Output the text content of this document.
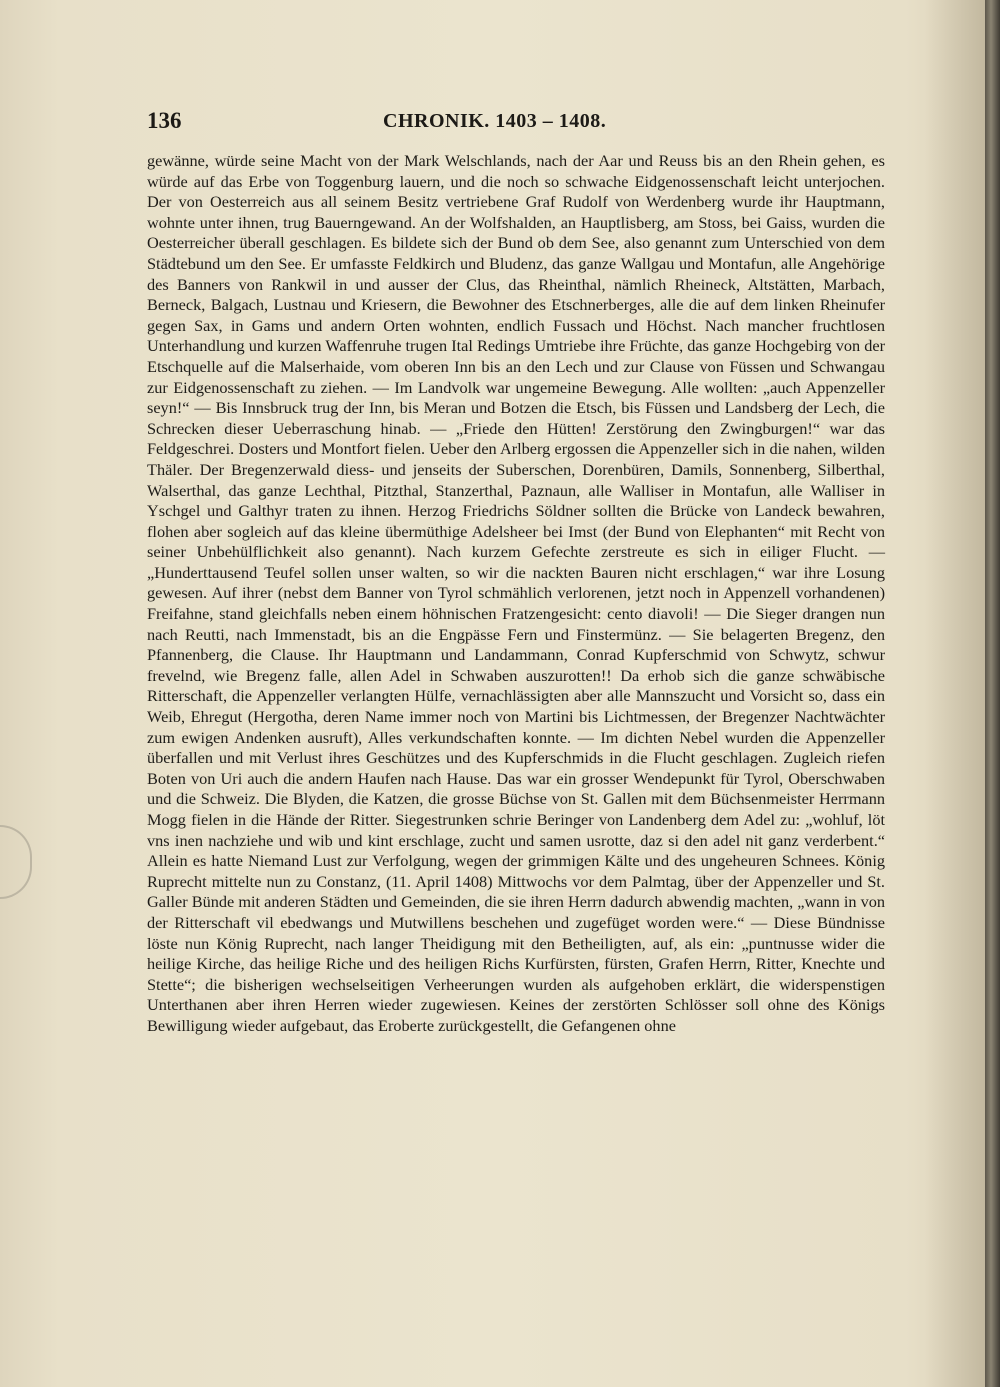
136	CHRONIK. 1403 – 1408.

gewänne, würde seine Macht von der Mark Welschlands, nach der Aar und Reuss bis an den Rhein gehen, es würde auf das Erbe von Toggenburg lauern, und die noch so schwache Eidgenossenschaft leicht unterjochen. Der von Oesterreich aus all seinem Besitz vertriebene Graf Rudolf von Werdenberg wurde ihr Hauptmann, wohnte unter ihnen, trug Bauerngewand. An der Wolfshalden, an Hauptlisberg, am Stoss, bei Gaiss, wurden die Oesterreicher überall geschlagen. Es bildete sich der Bund ob dem See, also genannt zum Unterschied von dem Städtebund um den See. Er umfasste Feldkirch und Bludenz, das ganze Wallgau und Montafun, alle Angehörige des Banners von Rankwil in und ausser der Clus, das Rheinthal, nämlich Rheineck, Altstätten, Marbach, Berneck, Balgach, Lustnau und Kriesern, die Bewohner des Etschnerberges, alle die auf dem linken Rheinufer gegen Sax, in Gams und andern Orten wohnten, endlich Fussach und Höchst. Nach mancher fruchtlosen Unterhandlung und kurzen Waffenruhe trugen Ital Redings Umtriebe ihre Früchte, das ganze Hochgebirg von der Etschquelle auf die Malserhaide, vom oberen Inn bis an den Lech und zur Clause von Füssen und Schwangau zur Eidgenossenschaft zu ziehen. — Im Landvolk war ungemeine Bewegung. Alle wollten: „auch Appenzeller seyn!“ — Bis Innsbruck trug der Inn, bis Meran und Botzen die Etsch, bis Füssen und Landsberg der Lech, die Schrecken dieser Ueberraschung hinab. — „Friede den Hütten! Zerstörung den Zwingburgen!“ war das Feldgeschrei. Dosters und Montfort fielen. Ueber den Arlberg ergossen die Appenzeller sich in die nahen, wilden Thäler. Der Bregenzerwald diess- und jenseits der Suberschen, Dorenbüren, Damils, Sonnenberg, Silberthal, Walserthal, das ganze Lechthal, Pitzthal, Stanzerthal, Paznaun, alle Walliser in Montafun, alle Walliser in Yschgel und Galthyr traten zu ihnen. Herzog Friedrichs Söldner sollten die Brücke von Landeck bewahren, flohen aber sogleich auf das kleine übermüthige Adelsheer bei Imst (der Bund von Elephanten“ mit Recht von seiner Unbehülflichkeit also genannt). Nach kurzem Gefechte zerstreute es sich in eiliger Flucht. — „Hunderttausend Teufel sollen unser walten, so wir die nackten Bauren nicht erschlagen,“ war ihre Losung gewesen. Auf ihrer (nebst dem Banner von Tyrol schmählich verlorenen, jetzt noch in Appenzell vorhandenen) Freifahne, stand gleichfalls neben einem höhnischen Fratzengesicht: cento diavoli! — Die Sieger drangen nun nach Reutti, nach Immenstadt, bis an die Engpässe Fern und Finstermünz. — Sie belagerten Bregenz, den Pfannenberg, die Clause. Ihr Hauptmann und Landammann, Conrad Kupferschmid von Schwytz, schwur frevelnd, wie Bregenz falle, allen Adel in Schwaben auszurotten!! Da erhob sich die ganze schwäbische Ritterschaft, die Appenzeller verlangten Hülfe, vernachlässigten aber alle Mannszucht und Vorsicht so, dass ein Weib, Ehregut (Hergotha, deren Name immer noch von Martini bis Lichtmessen, der Bregenzer Nachtwächter zum ewigen Andenken ausruft), Alles verkundschaften konnte. — Im dichten Nebel wurden die Appenzeller überfallen und mit Verlust ihres Geschützes und des Kupferschmids in die Flucht geschlagen. Zugleich riefen Boten von Uri auch die andern Haufen nach Hause. Das war ein grosser Wendepunkt für Tyrol, Oberschwaben und die Schweiz. Die Blyden, die Katzen, die grosse Büchse von St. Gallen mit dem Büchsenmeister Herrmann Mogg fielen in die Hände der Ritter. Siegestrunken schrie Beringer von Landenberg dem Adel zu: „wohluf, löt vns inen nachziehe und wib und kint erschlage, zucht und samen usrotte, daz si den adel nit ganz verderbent.“ Allein es hatte Niemand Lust zur Verfolgung, wegen der grimmigen Kälte und des ungeheuren Schnees. König Ruprecht mittelte nun zu Constanz, (11. April 1408) Mittwochs vor dem Palmtag, über der Appenzeller und St. Galler Bünde mit anderen Städten und Gemeinden, die sie ihren Herrn dadurch abwendig machten, „wann in von der Ritterschaft vil ebedwangs und Mutwillens beschehen und zugefüget worden were.“ — Diese Bündnisse löste nun König Ruprecht, nach langer Theidigung mit den Betheiligten, auf, als ein: „puntnusse wider die heilige Kirche, das heilige Riche und des heiligen Richs Kurfürsten, fürsten, Grafen Herrn, Ritter, Knechte und Stette“; die bisherigen wechselseitigen Verheerungen wurden als aufgehoben erklärt, die widerspenstigen Unterthanen aber ihren Herren wieder zugewiesen. Keines der zerstörten Schlösser soll ohne des Königs Bewilligung wieder aufgebaut, das Eroberte zurückgestellt, die Gefangenen ohne
